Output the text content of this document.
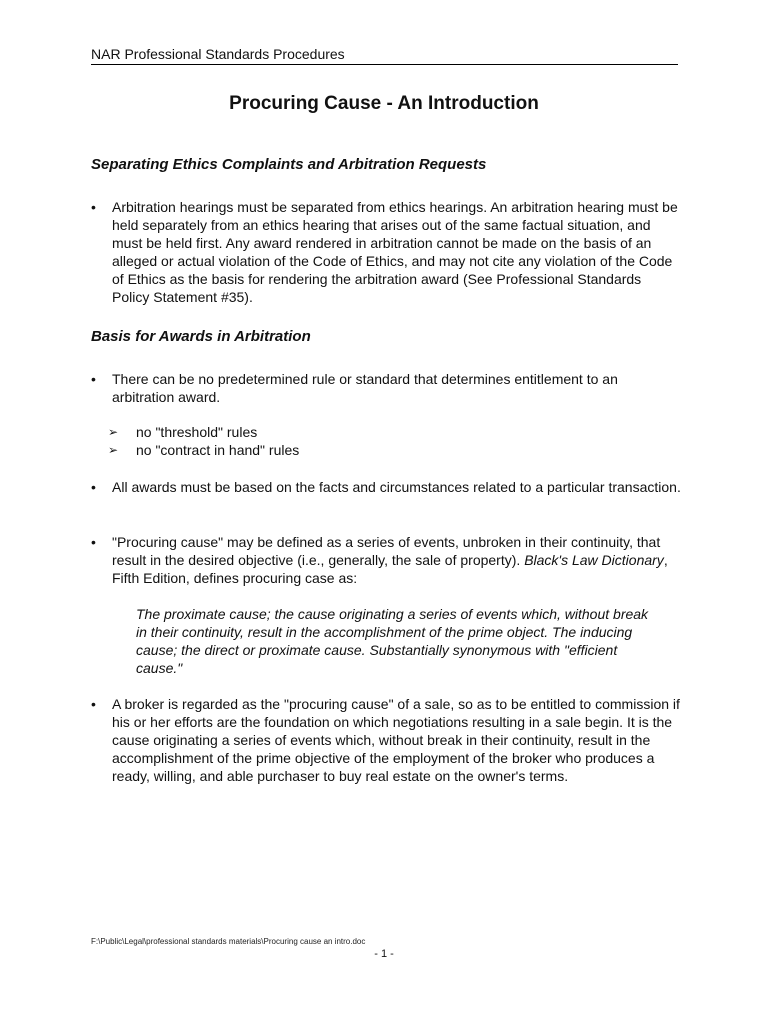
NAR Professional Standards Procedures
Procuring Cause - An Introduction
Separating Ethics Complaints and Arbitration Requests
• Arbitration hearings must be separated from ethics hearings. An arbitration hearing must be held separately from an ethics hearing that arises out of the same factual situation, and must be held first. Any award rendered in arbitration cannot be made on the basis of an alleged or actual violation of the Code of Ethics, and may not cite any violation of the Code of Ethics as the basis for rendering the arbitration award (See Professional Standards Policy Statement #35).
Basis for Awards in Arbitration
• There can be no predetermined rule or standard that determines entitlement to an arbitration award.
➢ no "threshold" rules
➢ no "contract in hand" rules
• All awards must be based on the facts and circumstances related to a particular transaction.
• "Procuring cause" may be defined as a series of events, unbroken in their continuity, that result in the desired objective (i.e., generally, the sale of property). Black's Law Dictionary, Fifth Edition, defines procuring case as:
The proximate cause; the cause originating a series of events which, without break in their continuity, result in the accomplishment of the prime object. The inducing cause; the direct or proximate cause. Substantially synonymous with "efficient cause."
• A broker is regarded as the "procuring cause" of a sale, so as to be entitled to commission if his or her efforts are the foundation on which negotiations resulting in a sale begin. It is the cause originating a series of events which, without break in their continuity, result in the accomplishment of the prime objective of the employment of the broker who produces a ready, willing, and able purchaser to buy real estate on the owner's terms.
F:\Public\Legal\professional standards materials\Procuring cause an intro.doc
- 1 -
